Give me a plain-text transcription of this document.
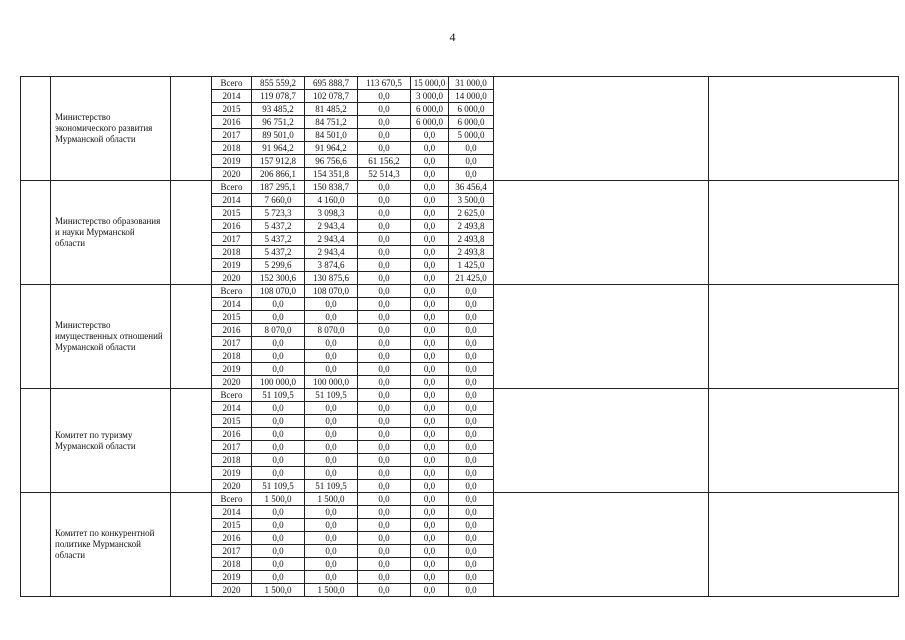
4
	Министерство экономического развития Мурманской области		Всего	855 559,2	695 888,7	113 670,5	15 000,0	31 000,0		
			2014	119 078,7	102 078,7	0,0	3 000,0	14 000,0		
			2015	93 485,2	81 485,2	0,0	6 000,0	6 000,0		
			2016	96 751,2	84 751,2	0,0	6 000,0	6 000,0		
			2017	89 501,0	84 501,0	0,0	0,0	5 000,0		
			2018	91 964,2	91 964,2	0,0	0,0	0,0		
			2019	157 912,8	96 756,6	61 156,2	0,0	0,0		
			2020	206 866,1	154 351,8	52 514,3	0,0	0,0		
	Министерство образования и науки Мурманской области		Всего	187 295,1	150 838,7	0,0	0,0	36 456,4		
			2014	7 660,0	4 160,0	0,0	0,0	3 500,0		
			2015	5 723,3	3 098,3	0,0	0,0	2 625,0		
			2016	5 437,2	2 943,4	0,0	0,0	2 493,8		
			2017	5 437,2	2 943,4	0,0	0,0	2 493,8		
			2018	5 437,2	2 943,4	0,0	0,0	2 493,8		
			2019	5 299,6	3 874,6	0,0	0,0	1 425,0		
			2020	152 300,6	130 875,6	0,0	0,0	21 425,0		
	Министерство имущественных отношений Мурманской области		Всего	108 070,0	108 070,0	0,0	0,0	0,0		
			2014	0,0	0,0	0,0	0,0	0,0		
			2015	0,0	0,0	0,0	0,0	0,0		
			2016	8 070,0	8 070,0	0,0	0,0	0,0		
			2017	0,0	0,0	0,0	0,0	0,0		
			2018	0,0	0,0	0,0	0,0	0,0		
			2019	0,0	0,0	0,0	0,0	0,0		
			2020	100 000,0	100 000,0	0,0	0,0	0,0		
	Комитет по туризму Мурманской области		Всего	51 109,5	51 109,5	0,0	0,0	0,0		
			2014	0,0	0,0	0,0	0,0	0,0		
			2015	0,0	0,0	0,0	0,0	0,0		
			2016	0,0	0,0	0,0	0,0	0,0		
			2017	0,0	0,0	0,0	0,0	0,0		
			2018	0,0	0,0	0,0	0,0	0,0		
			2019	0,0	0,0	0,0	0,0	0,0		
			2020	51 109,5	51 109,5	0,0	0,0	0,0		
	Комитет по конкурентной политике Мурманской области		Всего	1 500,0	1 500,0	0,0	0,0	0,0		
			2014	0,0	0,0	0,0	0,0	0,0		
			2015	0,0	0,0	0,0	0,0	0,0		
			2016	0,0	0,0	0,0	0,0	0,0		
			2017	0,0	0,0	0,0	0,0	0,0		
			2018	0,0	0,0	0,0	0,0	0,0		
			2019	0,0	0,0	0,0	0,0	0,0		
			2020	1 500,0	1 500,0	0,0	0,0	0,0		
